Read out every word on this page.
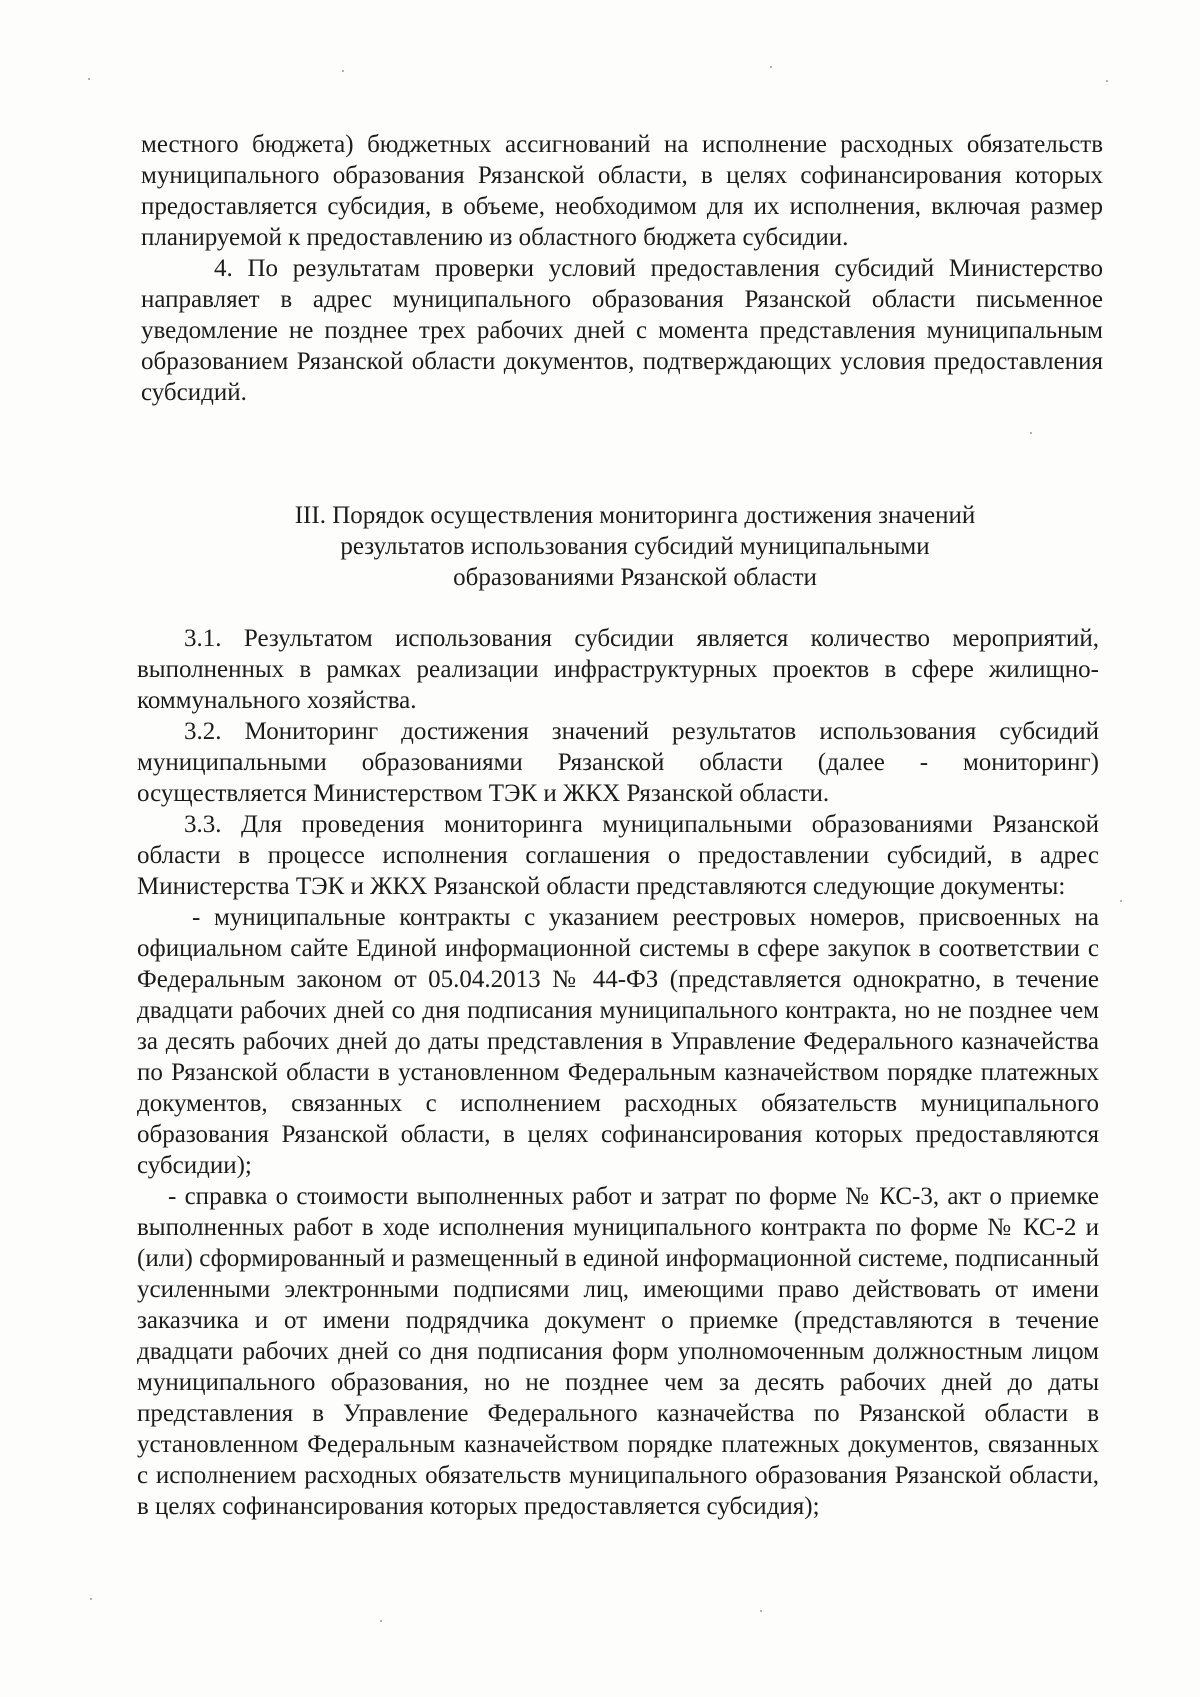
местного бюджета) бюджетных ассигнований на исполнение расходных обязательств муниципального образования Рязанской области, в целях софинансирования которых предоставляется субсидия, в объеме, необходимом для их исполнения, включая размер планируемой к предоставлению из областного бюджета субсидии.

4. По результатам проверки условий предоставления субсидий Министерство направляет в адрес муниципального образования Рязанской области письменное уведомление не позднее трех рабочих дней с момента представления муниципальным образованием Рязанской области документов, подтверждающих условия предоставления субсидий.

III. Порядок осуществления мониторинга достижения значений
результатов использования субсидий муниципальными
образованиями Рязанской области

3.1. Результатом использования субсидии является количество мероприятий, выполненных в рамках реализации инфраструктурных проектов в сфере жилищно-коммунального хозяйства.

3.2. Мониторинг достижения значений результатов использования субсидий муниципальными образованиями Рязанской области (далее - мониторинг) осуществляется Министерством ТЭК и ЖКХ Рязанской области.

3.3. Для проведения мониторинга муниципальными образованиями Рязанской области в процессе исполнения соглашения о предоставлении субсидий, в адрес Министерства ТЭК и ЖКХ Рязанской области представляются следующие документы:

- муниципальные контракты с указанием реестровых номеров, присвоенных на официальном сайте Единой информационной системы в сфере закупок в соответствии с Федеральным законом от 05.04.2013 № 44-ФЗ (представляется однократно, в течение двадцати рабочих дней со дня подписания муниципального контракта, но не позднее чем за десять рабочих дней до даты представления в Управление Федерального казначейства по Рязанской области в установленном Федеральным казначейством порядке платежных документов, связанных с исполнением расходных обязательств муниципального образования Рязанской области, в целях софинансирования которых предоставляются субсидии);

- справка о стоимости выполненных работ и затрат по форме № КС-3, акт о приемке выполненных работ в ходе исполнения муниципального контракта по форме № КС-2 и (или) сформированный и размещенный в единой информационной системе, подписанный усиленными электронными подписями лиц, имеющими право действовать от имени заказчика и от имени подрядчика документ о приемке (представляются в течение двадцати рабочих дней со дня подписания форм уполномоченным должностным лицом муниципального образования, но не позднее чем за десять рабочих дней до даты представления в Управление Федерального казначейства по Рязанской области в установленном Федеральным казначейством порядке платежных документов, связанных с исполнением расходных обязательств муниципального образования Рязанской области, в целях софинансирования которых предоставляется субсидия);
